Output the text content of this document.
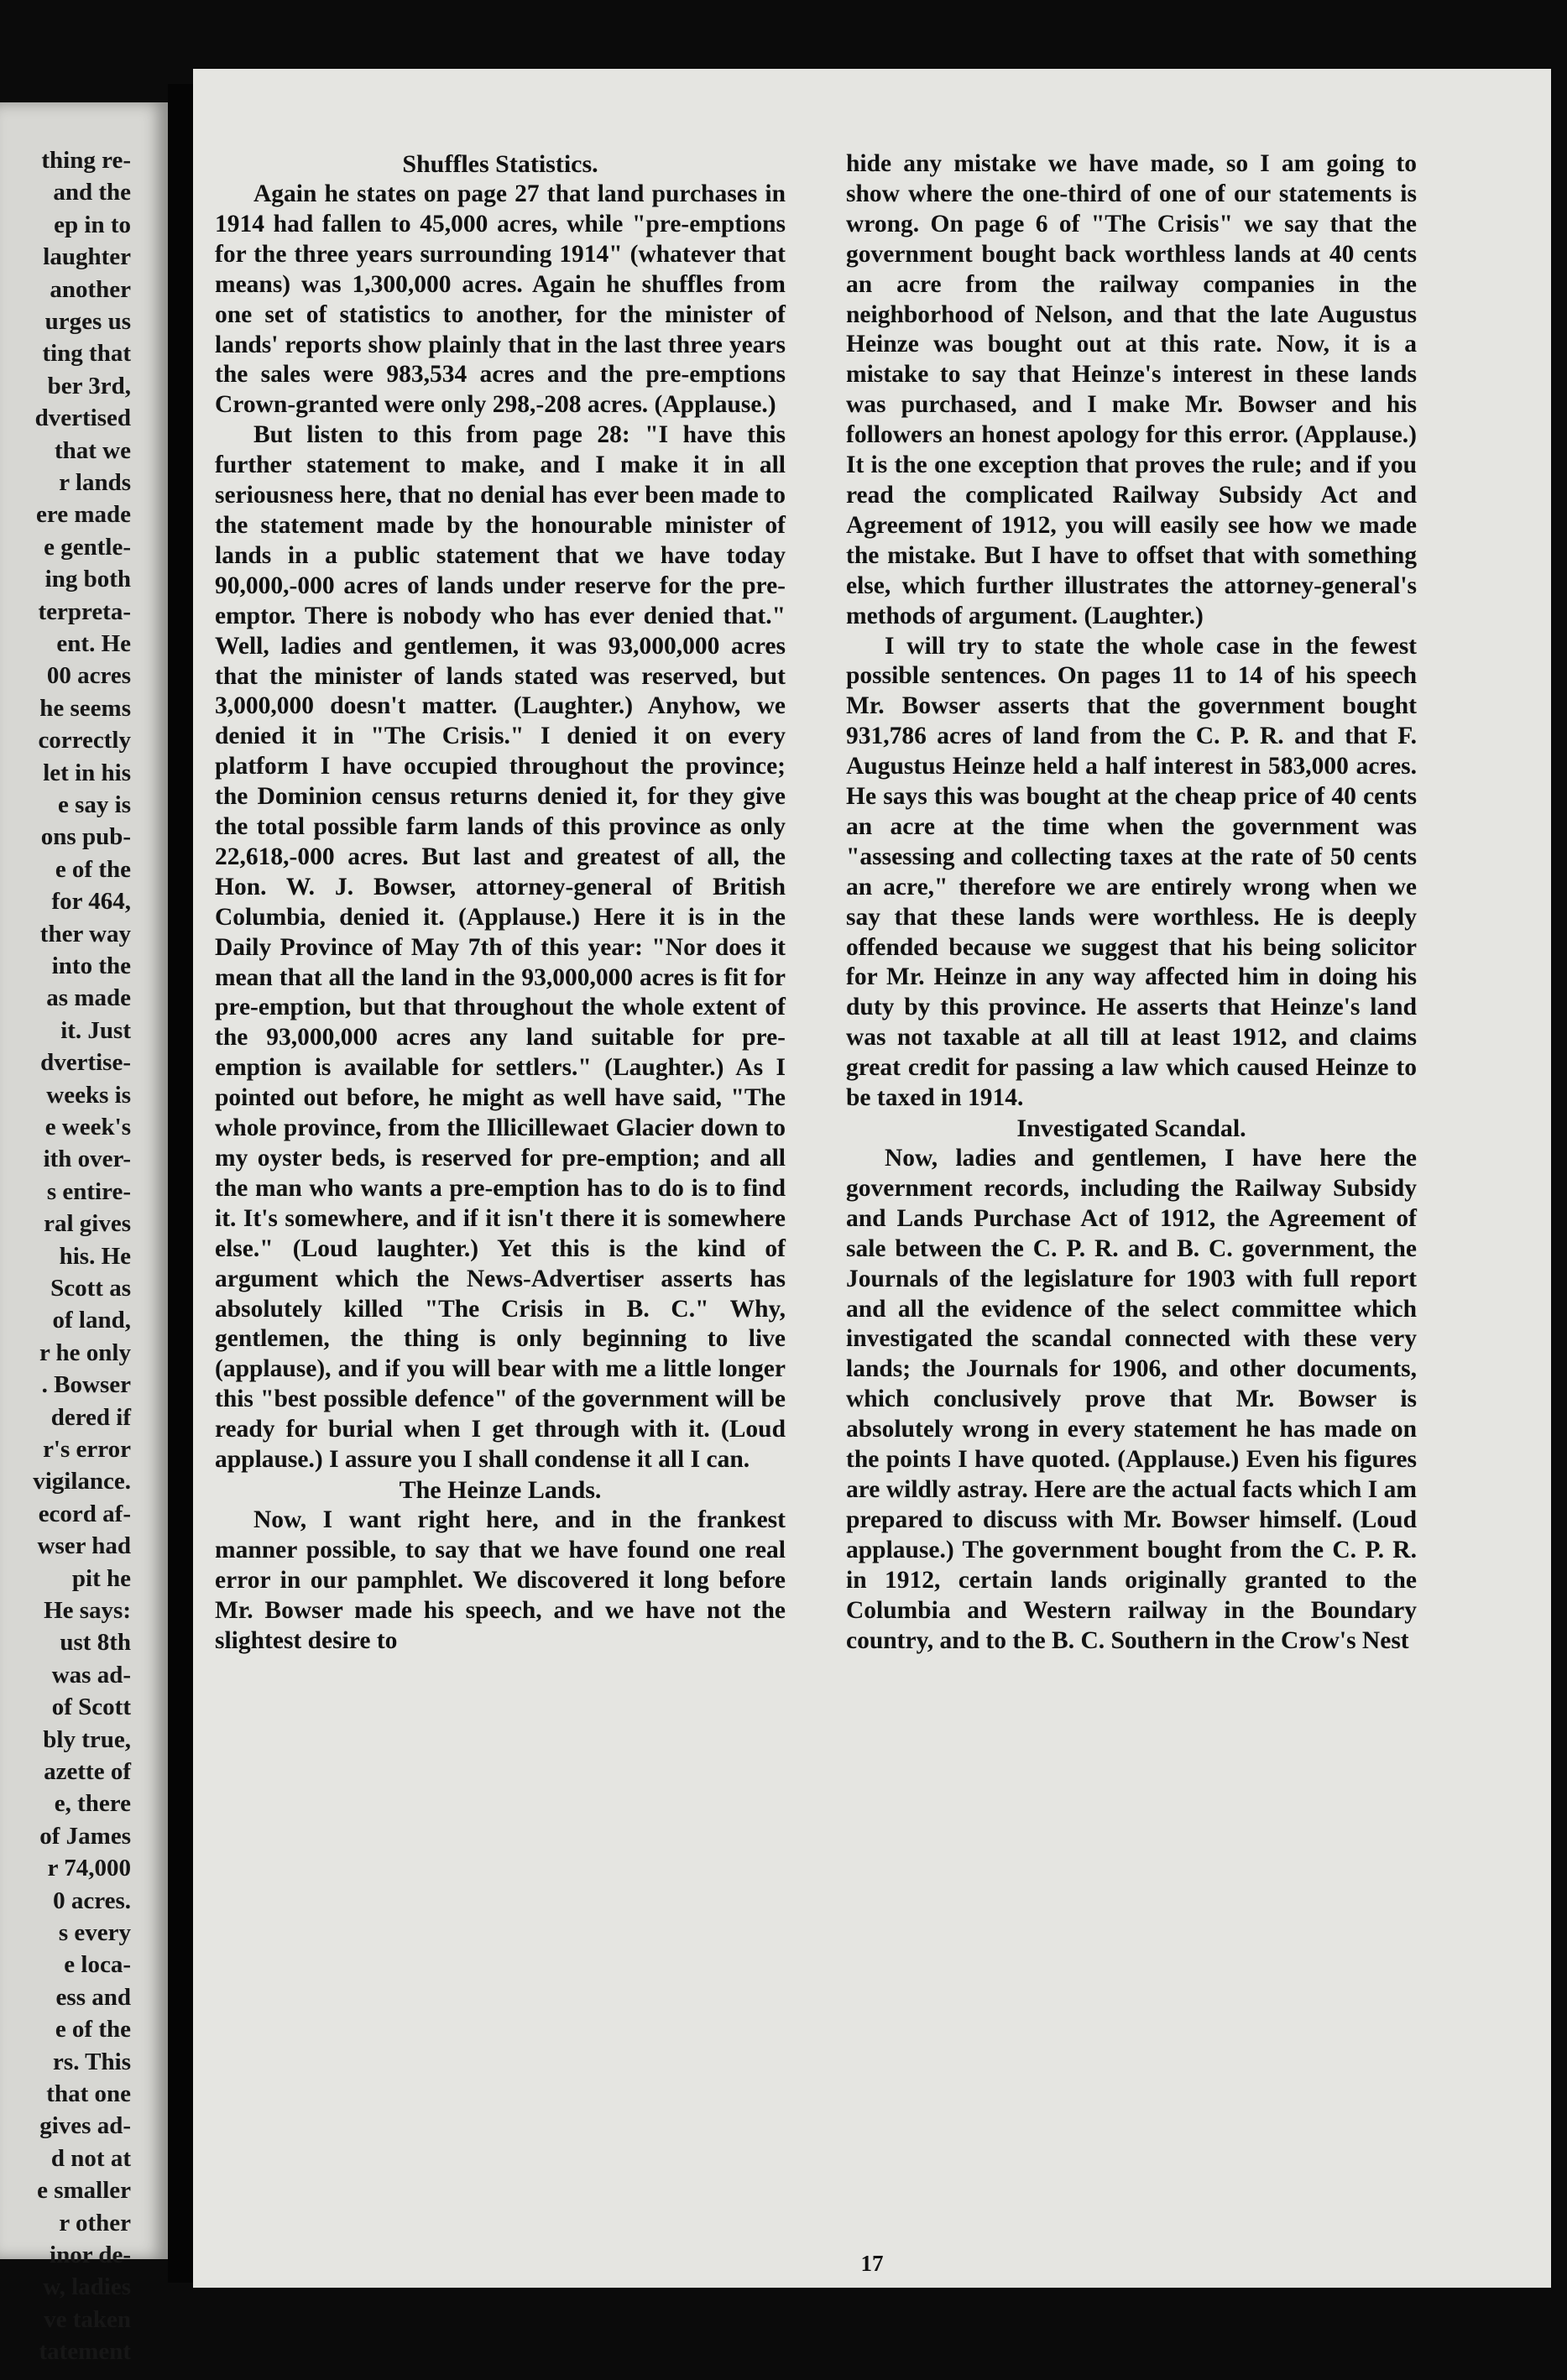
thing re-
and the
ep in to
laughter
another
urges us
ting that
ber 3rd,
dvertised
that we
r lands
ere made
e gentle-
ing both
terpreta-
ent. He
00 acres
he seems
correctly
let in his
e say is
ons pub-
e of the
for 464,
ther way
into the
as made
it. Just
dvertise-
weeks is
e week's
ith over-
s entire-
ral gives
his. He
Scott as
of land,
r he only
. Bowser
dered if
r's error
vigilance.
ecord af-
wser had
pit he
He says:
ust 8th
was ad-
of Scott
bly true,
azette of
e, there
of James
r 74,000
0 acres.
s every
e loca-
ess and
e of the
rs. This
that one
gives ad-
d not at
e smaller
r other
inor de-
w, ladies
ve taken
tatement
Shuffles Statistics.

Again he states on page 27 that land purchases in 1914 had fallen to 45,000 acres, while "pre-emptions for the three years surrounding 1914" (whatever that means) was 1,300,000 acres. Again he shuffles from one set of statistics to another, for the minister of lands' reports show plainly that in the last three years the sales were 983,534 acres and the pre-emptions Crown-granted were only 298,-208 acres. (Applause.)

But listen to this from page 28: "I have this further statement to make, and I make it in all seriousness here, that no denial has ever been made to the statement made by the honourable minister of lands in a public statement that we have today 90,000,-000 acres of lands under reserve for the pre-emptor. There is nobody who has ever denied that." Well, ladies and gentlemen, it was 93,000,000 acres that the minister of lands stated was reserved, but 3,000,000 doesn't matter. (Laughter.) Anyhow, we denied it in "The Crisis." I denied it on every platform I have occupied throughout the province; the Dominion census returns denied it, for they give the total possible farm lands of this province as only 22,618,-000 acres. But last and greatest of all, the Hon. W. J. Bowser, attorney-general of British Columbia, denied it. (Applause.) Here it is in the Daily Province of May 7th of this year: "Nor does it mean that all the land in the 93,000,000 acres is fit for pre-emption, but that throughout the whole extent of the 93,000,000 acres any land suitable for pre-emption is available for settlers." (Laughter.) As I pointed out before, he might as well have said, "The whole province, from the Illicillewaet Glacier down to my oyster beds, is reserved for pre-emption; and all the man who wants a pre-emption has to do is to find it. It's somewhere, and if it isn't there it is somewhere else." (Loud laughter.) Yet this is the kind of argument which the News-Advertiser asserts has absolutely killed "The Crisis in B. C." Why, gentlemen, the thing is only beginning to live (applause), and if you will bear with me a little longer this "best possible defence" of the government will be ready for burial when I get through with it. (Loud applause.) I assure you I shall condense it all I can.

The Heinze Lands.

Now, I want right here, and in the frankest manner possible, to say that we have found one real error in our pamphlet. We discovered it long before Mr. Bowser made his speech, and we have not the slightest desire to

hide any mistake we have made, so I am going to show where the one-third of one of our statements is wrong. On page 6 of "The Crisis" we say that the government bought back worthless lands at 40 cents an acre from the railway companies in the neighborhood of Nelson, and that the late Augustus Heinze was bought out at this rate. Now, it is a mistake to say that Heinze's interest in these lands was purchased, and I make Mr. Bowser and his followers an honest apology for this error. (Applause.) It is the one exception that proves the rule; and if you read the complicated Railway Subsidy Act and Agreement of 1912, you will easily see how we made the mistake. But I have to offset that with something else, which further illustrates the attorney-general's methods of argument. (Laughter.)

I will try to state the whole case in the fewest possible sentences. On pages 11 to 14 of his speech Mr. Bowser asserts that the government bought 931,786 acres of land from the C. P. R. and that F. Augustus Heinze held a half interest in 583,000 acres. He says this was bought at the cheap price of 40 cents an acre at the time when the government was "assessing and collecting taxes at the rate of 50 cents an acre," therefore we are entirely wrong when we say that these lands were worthless. He is deeply offended because we suggest that his being solicitor for Mr. Heinze in any way affected him in doing his duty by this province. He asserts that Heinze's land was not taxable at all till at least 1912, and claims great credit for passing a law which caused Heinze to be taxed in 1914.

Investigated Scandal.

Now, ladies and gentlemen, I have here the government records, including the Railway Subsidy and Lands Purchase Act of 1912, the Agreement of sale between the C. P. R. and B. C. government, the Journals of the legislature for 1903 with full report and all the evidence of the select committee which investigated the scandal connected with these very lands; the Journals for 1906, and other documents, which conclusively prove that Mr. Bowser is absolutely wrong in every statement he has made on the points I have quoted. (Applause.) Even his figures are wildly astray. Here are the actual facts which I am prepared to discuss with Mr. Bowser himself. (Loud applause.) The government bought from the C. P. R. in 1912, certain lands originally granted to the Columbia and Western railway in the Boundary country, and to the B. C. Southern in the Crow's Nest

17
